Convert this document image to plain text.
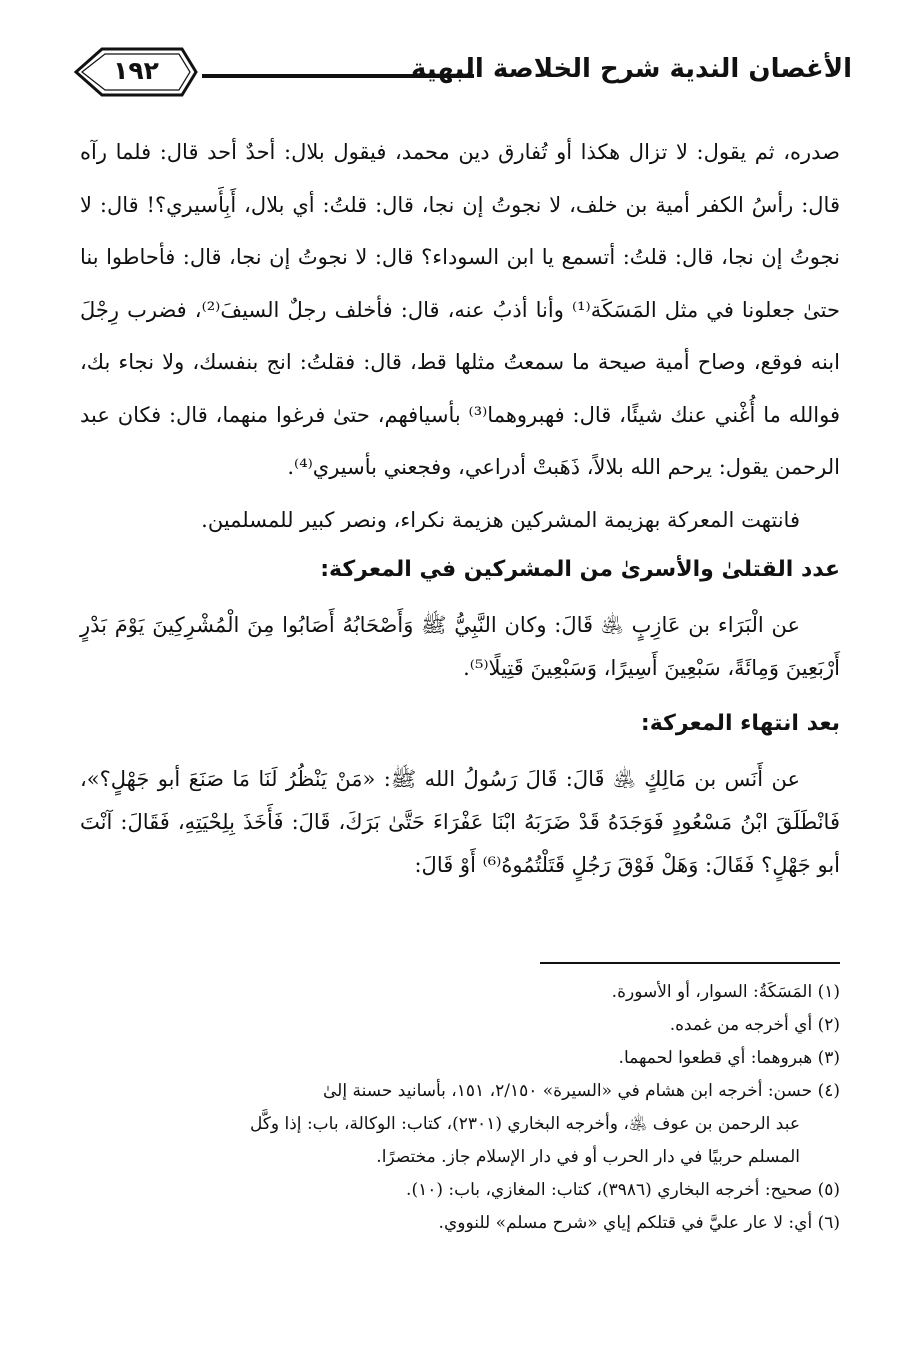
١٩٢	الأغصان الندية شرح الخلاصة البهية

صدره، ثم يقول: لا تزال هكذا أو تُفارق دين محمد، فيقول بلال: أحدٌ أحد قال: فلما رآه قال: رأسُ الكفر أمية بن خلف، لا نجوتُ إن نجا، قال: قلتُ: أي بلال، أَبِأَسيري؟! قال: لا نجوتُ إن نجا، قال: قلتُ: أتسمع يا ابن السوداء؟ قال: لا نجوتُ إن نجا، قال: فأحاطوا بنا حتىٰ جعلونا في مثل المَسَكَة⁽¹⁾ وأنا أذبُ عنه، قال: فأخلف رجلٌ السيفَ⁽²⁾، فضرب رِجْلَ ابنه فوقع، وصاح أمية صيحة ما سمعتُ مثلها قط، قال: فقلتُ: انج بنفسك، ولا نجاء بك، فوالله ما أُغْني عنك شيئًا، قال: فهبروهما⁽³⁾ بأسيافهم، حتىٰ فرغوا منهما، قال: فكان عبد الرحمن يقول: يرحم الله بلالاً، ذَهَبتْ أدراعي، وفجعني بأسيري⁽⁴⁾.

فانتهت المعركة بهزيمة المشركين هزيمة نكراء، ونصر كبير للمسلمين.

عدد القتلىٰ والأسرىٰ من المشركين في المعركة:

عن الْبَرَاء بن عَازِبٍ ﵁ قَالَ: وكان النَّبِيُّ ﷺ وَأَصْحَابُهُ أَصَابُوا مِنَ الْمُشْرِكِينَ يَوْمَ بَدْرٍ أَرْبَعِينَ وَمِائَةً، سَبْعِينَ أَسِيرًا، وَسَبْعِينَ قَتِيلًا⁽⁵⁾.

بعد انتهاء المعركة:

عن أَنَس بن مَالِكٍ ﵁ قَالَ: قَالَ رَسُولُ الله ﷺ: «مَنْ يَنْظُرُ لَنَا مَا صَنَعَ أبو جَهْلٍ؟»، فَانْطَلَقَ ابْنُ مَسْعُودٍ فَوَجَدَهُ قَدْ ضَرَبَهُ ابْنَا عَفْرَاءَ حَتَّىٰ بَرَكَ، قَالَ: فَأَخَذَ بِلِحْيَتِهِ، فَقَالَ: آنْتَ أبو جَهْلٍ؟ فَقَالَ: وَهَلْ فَوْقَ رَجُلٍ قَتَلْتُمُوهُ⁽⁶⁾ أَوْ قَالَ:

(١) المَسَكَةُ: السوار، أو الأسورة.

(٢) أي أخرجه من غمده.

(٣) هبروهما: أي قطعوا لحمهما.

(٤) حسن: أخرجه ابن هشام في «السيرة» ٢/١٥٠، ١٥١، بأسانيد حسنة إلىٰ

عبد الرحمن بن عوف ﵁، وأخرجه البخاري (٢٣٠١)، كتاب: الوكالة، باب: إذا وكَّل

المسلم حربيًا في دار الحرب أو في دار الإسلام جاز. مختصرًا.

(٥) صحيح: أخرجه البخاري (٣٩٨٦)، كتاب: المغازي، باب: (١٠).

(٦) أي: لا عار عليَّ في قتلكم إياي «شرح مسلم» للنووي.
